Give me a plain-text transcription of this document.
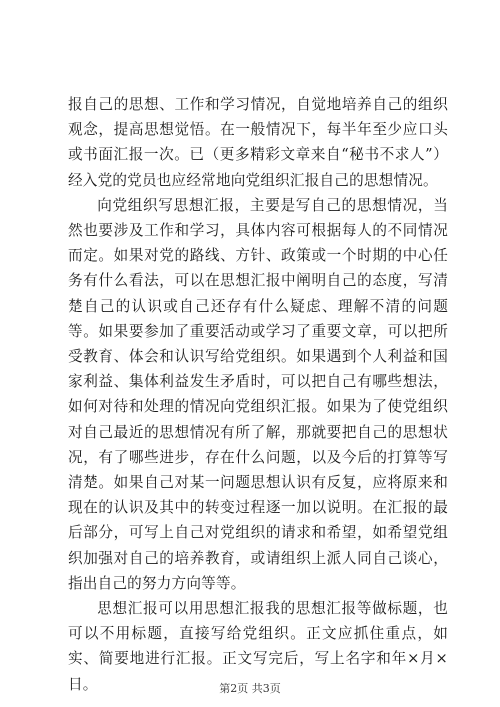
报自己的思想、工作和学习情况，自觉地培养自己的组织观念，提高思想觉悟。在一般情况下，每半年至少应口头或书面汇报一次。已（更多精彩文章来自“秘书不求人”）经入党的党员也应经常地向党组织汇报自己的思想情况。

向党组织写思想汇报，主要是写自己的思想情况，当然也要涉及工作和学习，具体内容可根据每人的不同情况而定。如果对党的路线、方针、政策或一个时期的中心任务有什么看法，可以在思想汇报中阐明自己的态度，写清楚自己的认识或自己还存有什么疑虑、理解不清的问题等。如果要参加了重要活动或学习了重要文章，可以把所受教育、体会和认识写给党组织。如果遇到个人利益和国家利益、集体利益发生矛盾时，可以把自己有哪些想法，如何对待和处理的情况向党组织汇报。如果为了使党组织对自己最近的思想情况有所了解，那就要把自己的思想状况，有了哪些进步，存在什么问题，以及今后的打算等写清楚。如果自己对某一问题思想认识有反复，应将原来和现在的认识及其中的转变过程逐一加以说明。在汇报的最后部分，可写上自己对党组织的请求和希望，如希望党组织加强对自己的培养教育，或请组织上派人同自己谈心，指出自己的努力方向等等。

思想汇报可以用思想汇报我的思想汇报等做标题，也可以不用标题，直接写给党组织。正文应抓住重点，如实、简要地进行汇报。正文写完后，写上名字和年×月×日。	第2页 共3页
